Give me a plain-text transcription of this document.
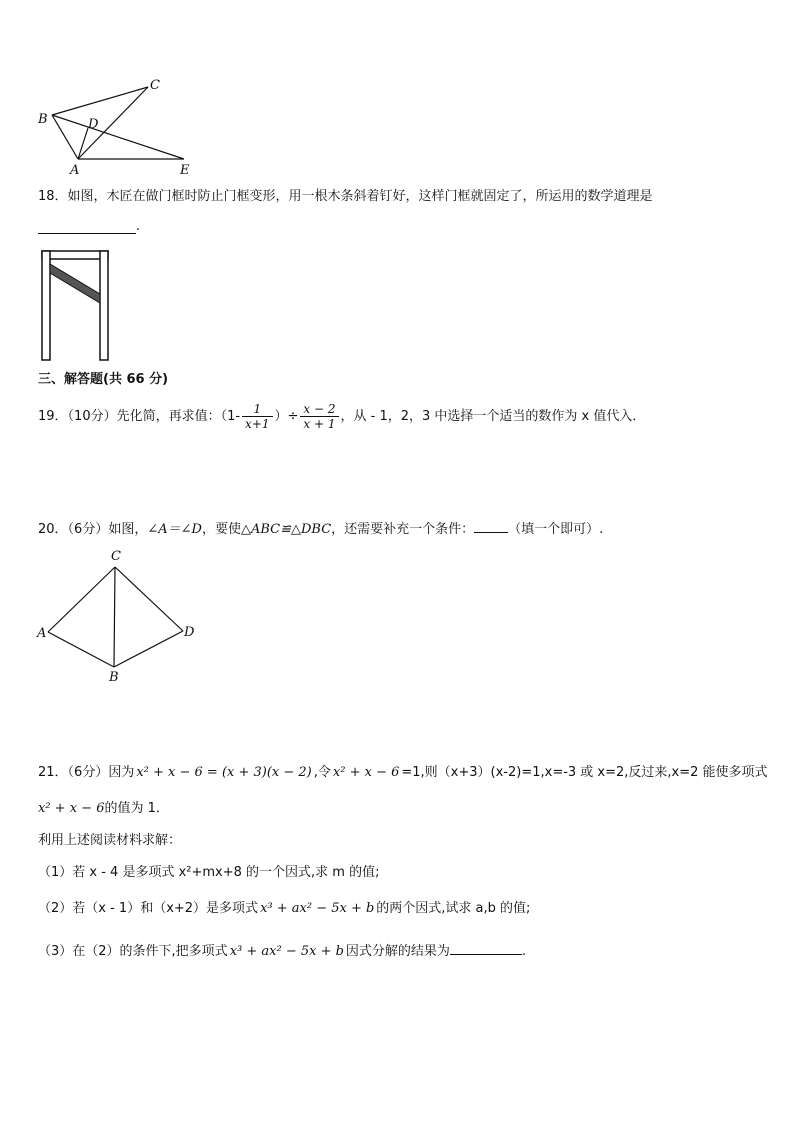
B
C
D
A	E
18．如图，木匠在做门框时防止门框变形，用一根木条斜着钉好，这样门框就固定了，所运用的数学道理是
.
三、解答题(共 66 分)
19．（10分）先化简，再求值：（$1- \frac{1}{x+1}$ ）÷ $\frac{x - 2}{x + 1}$ ，从 - 1，2，3 中选择一个适当的数作为 x 值代入．
20．（6分）如图，∠A＝∠D，要使△ABC≌△DBC，还需要补充一个条件：	（填一个即可）.
C
A	D
B
21．（6分）因为 x² + x − 6 = (x + 3)(x − 2) ,令 x² + x − 6 =1,则（x+3）(x-2)=1,x=-3 或 x=2,反过来,x=2 能使多项式
x² + x − 6的值为 1．
利用上述阅读材料求解：
（1）若 x - 4 是多项式 x²+mx+8 的一个因式,求 m 的值;
（2）若（x - 1）和（x+2）是多项式 x³ + ax² − 5x + b 的两个因式,试求 a,b 的值;
（3）在（2）的条件下,把多项式 x³ + ax² − 5x + b 因式分解的结果为	.
